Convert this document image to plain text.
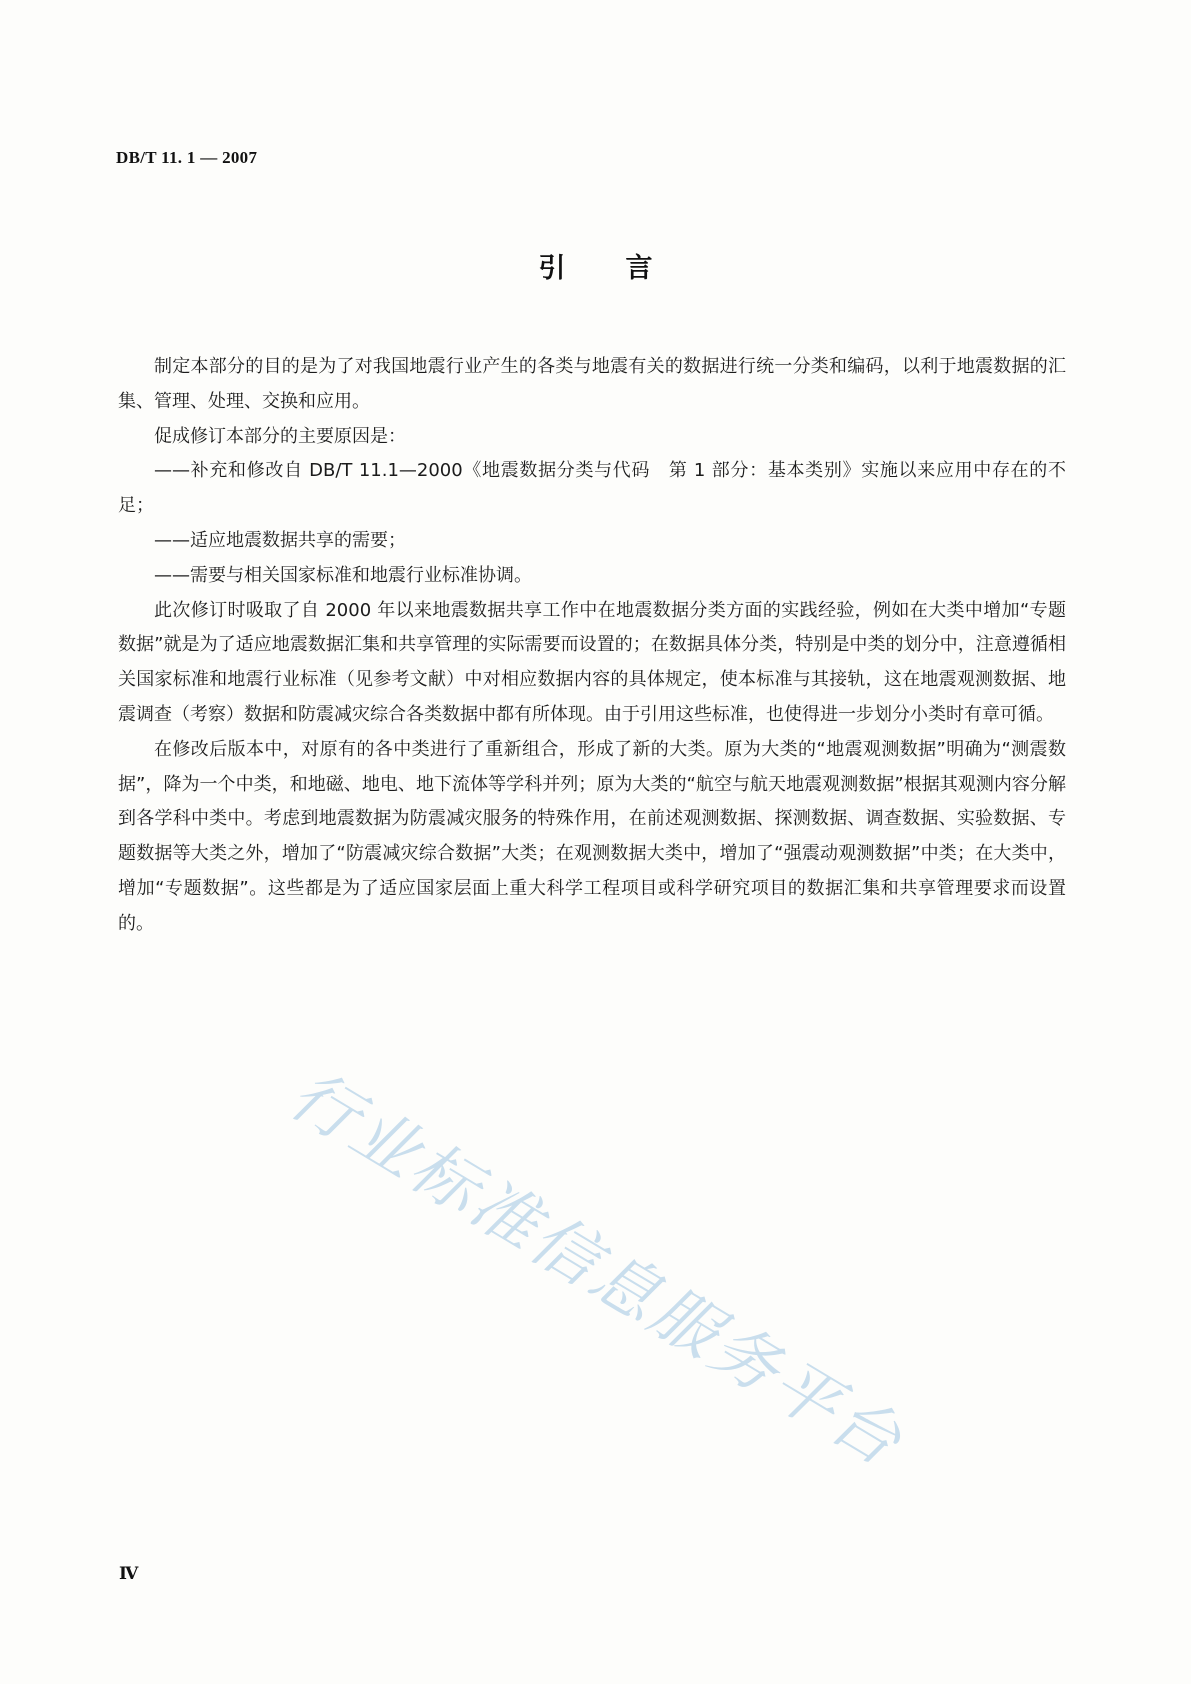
DB/T 11. 1 — 2007
引言

制定本部分的目的是为了对我国地震行业产生的各类与地震有关的数据进行统一分类和编码，以利于地震数据的汇集、管理、处理、交换和应用。

促成修订本部分的主要原因是：

——补充和修改自 DB/T 11.1—2000《地震数据分类与代码　第 1 部分：基本类别》实施以来应用中存在的不足；

——适应地震数据共享的需要；

——需要与相关国家标准和地震行业标准协调。

此次修订时吸取了自 2000 年以来地震数据共享工作中在地震数据分类方面的实践经验，例如在大类中增加“专题数据”就是为了适应地震数据汇集和共享管理的实际需要而设置的；在数据具体分类，特别是中类的划分中，注意遵循相关国家标准和地震行业标准（见参考文献）中对相应数据内容的具体规定，使本标准与其接轨，这在地震观测数据、地震调查（考察）数据和防震减灾综合各类数据中都有所体现。由于引用这些标准，也使得进一步划分小类时有章可循。

在修改后版本中，对原有的各中类进行了重新组合，形成了新的大类。原为大类的“地震观测数据”明确为“测震数据”，降为一个中类，和地磁、地电、地下流体等学科并列；原为大类的“航空与航天地震观测数据”根据其观测内容分解到各学科中类中。考虑到地震数据为防震减灾服务的特殊作用，在前述观测数据、探测数据、调查数据、实验数据、专题数据等大类之外，增加了“防震减灾综合数据”大类；在观测数据大类中，增加了“强震动观测数据”中类；在大类中，增加“专题数据”。这些都是为了适应国家层面上重大科学工程项目或科学研究项目的数据汇集和共享管理要求而设置的。

行业标准信息服务平台
Ⅳ
